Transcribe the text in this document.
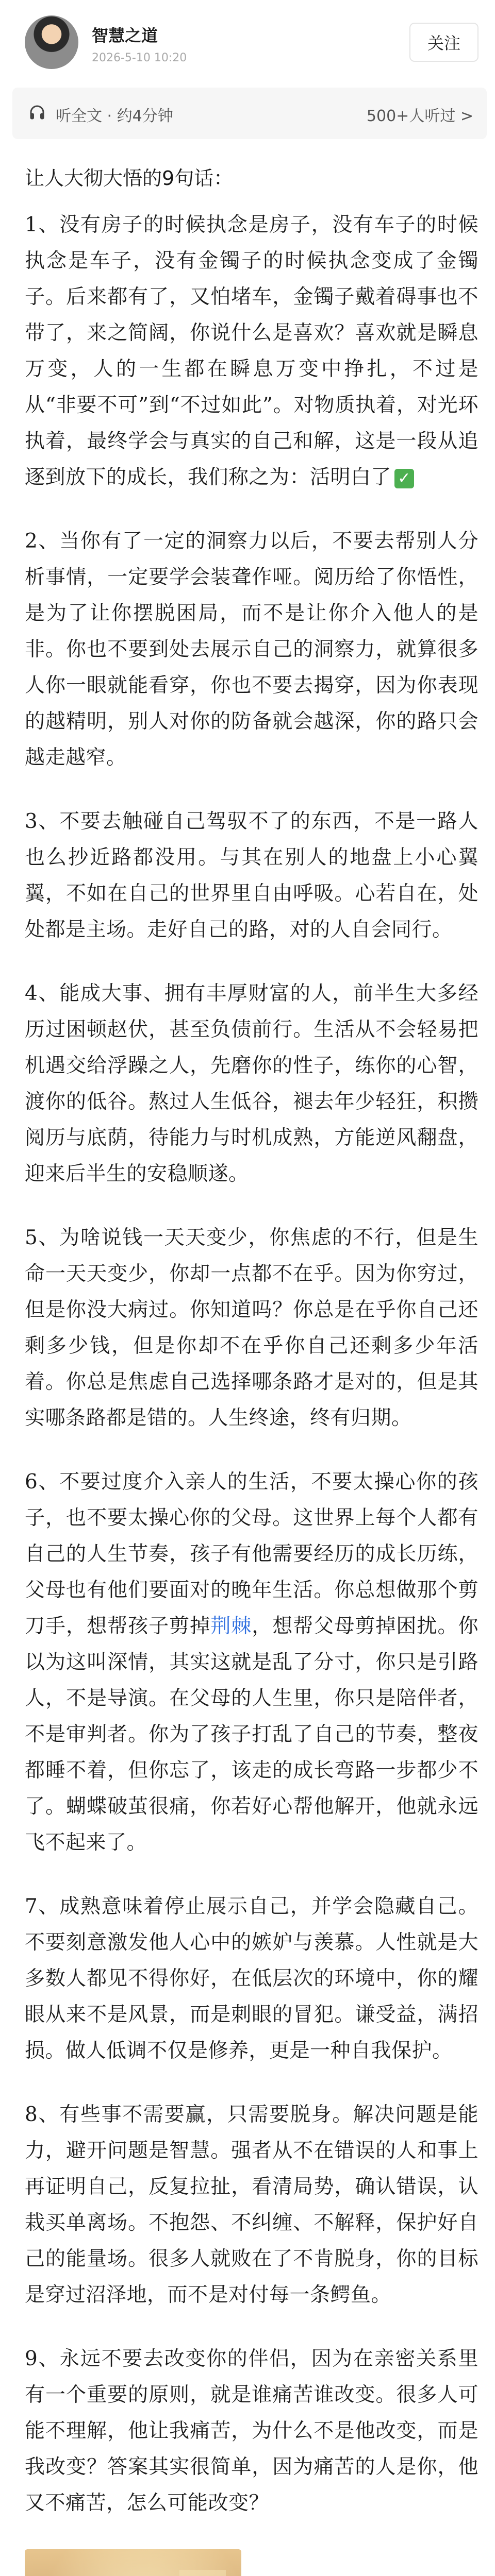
智慧之道
2026-5-10 10:20
关注
听全文 · 约4分钟	500+人听过 >

让人大彻大悟的9句话：

1、没有房子的时候执念是房子，没有车子的时候执念是车子，没有金镯子的时候执念变成了金镯子。后来都有了，又怕堵车，金镯子戴着碍事也不带了，来之简阔，你说什么是喜欢？喜欢就是瞬息万变，人的一生都在瞬息万变中挣扎，不过是从“非要不可”到“不过如此”。对物质执着，对光环执着，最终学会与真实的自己和解，这是一段从追逐到放下的成长，我们称之为：活明白了 ✓

2、当你有了一定的洞察力以后，不要去帮别人分析事情，一定要学会装聋作哑。阅历给了你悟性，是为了让你摆脱困局，而不是让你介入他人的是非。你也不要到处去展示自己的洞察力，就算很多人你一眼就能看穿，你也不要去揭穿，因为你表现的越精明，别人对你的防备就会越深，你的路只会越走越窄。

3、不要去触碰自己驾驭不了的东西，不是一路人也么抄近路都没用。与其在别人的地盘上小心翼翼，不如在自己的世界里自由呼吸。心若自在，处处都是主场。走好自己的路，对的人自会同行。

4、能成大事、拥有丰厚财富的人，前半生大多经历过困顿赵伏，甚至负债前行。生活从不会轻易把机遇交给浮躁之人，先磨你的性子，练你的心智，渡你的低谷。熬过人生低谷，褪去年少轻狂，积攒阅历与底荫，待能力与时机成熟，方能逆风翻盘，迎来后半生的安稳顺遂。

5、为啥说钱一天天变少，你焦虑的不行，但是生命一天天变少，你却一点都不在乎。因为你穷过，但是你没大病过。你知道吗？你总是在乎你自己还剩多少钱，但是你却不在乎你自己还剩多少年活着。你总是焦虑自己选择哪条路才是对的，但是其实哪条路都是错的。人生终途，终有归期。

6、不要过度介入亲人的生活，不要太操心你的孩子，也不要太操心你的父母。这世界上每个人都有自己的人生节奏，孩子有他需要经历的成长历练，父母也有他们要面对的晚年生活。你总想做那个剪刀手，想帮孩子剪掉荆棘，想帮父母剪掉困扰。你以为这叫深情，其实这就是乱了分寸，你只是引路人，不是导演。在父母的人生里，你只是陪伴者，不是审判者。你为了孩子打乱了自己的节奏，整夜都睡不着，但你忘了，该走的成长弯路一步都少不了。蝴蝶破茧很痛，你若好心帮他解开，他就永远飞不起来了。

7、成熟意味着停止展示自己，并学会隐藏自己。不要刻意激发他人心中的嫉妒与羡慕。人性就是大多数人都见不得你好，在低层次的环境中，你的耀眼从来不是风景，而是刺眼的冒犯。谦受益，满招损。做人低调不仅是修养，更是一种自我保护。

8、有些事不需要赢，只需要脱身。解决问题是能力，避开问题是智慧。强者从不在错误的人和事上再证明自己，反复拉扯，看清局势，确认错误，认栽买单离场。不抱怨、不纠缠、不解释，保护好自己的能量场。很多人就败在了不肯脱身，你的目标是穿过沼泽地，而不是对付每一条鳄鱼。

9、永远不要去改变你的伴侣，因为在亲密关系里有一个重要的原则，就是谁痛苦谁改变。很多人可能不理解，他让我痛苦，为什么不是他改变，而是我改变？答案其实很简单，因为痛苦的人是你，他又不痛苦，怎么可能改变？
